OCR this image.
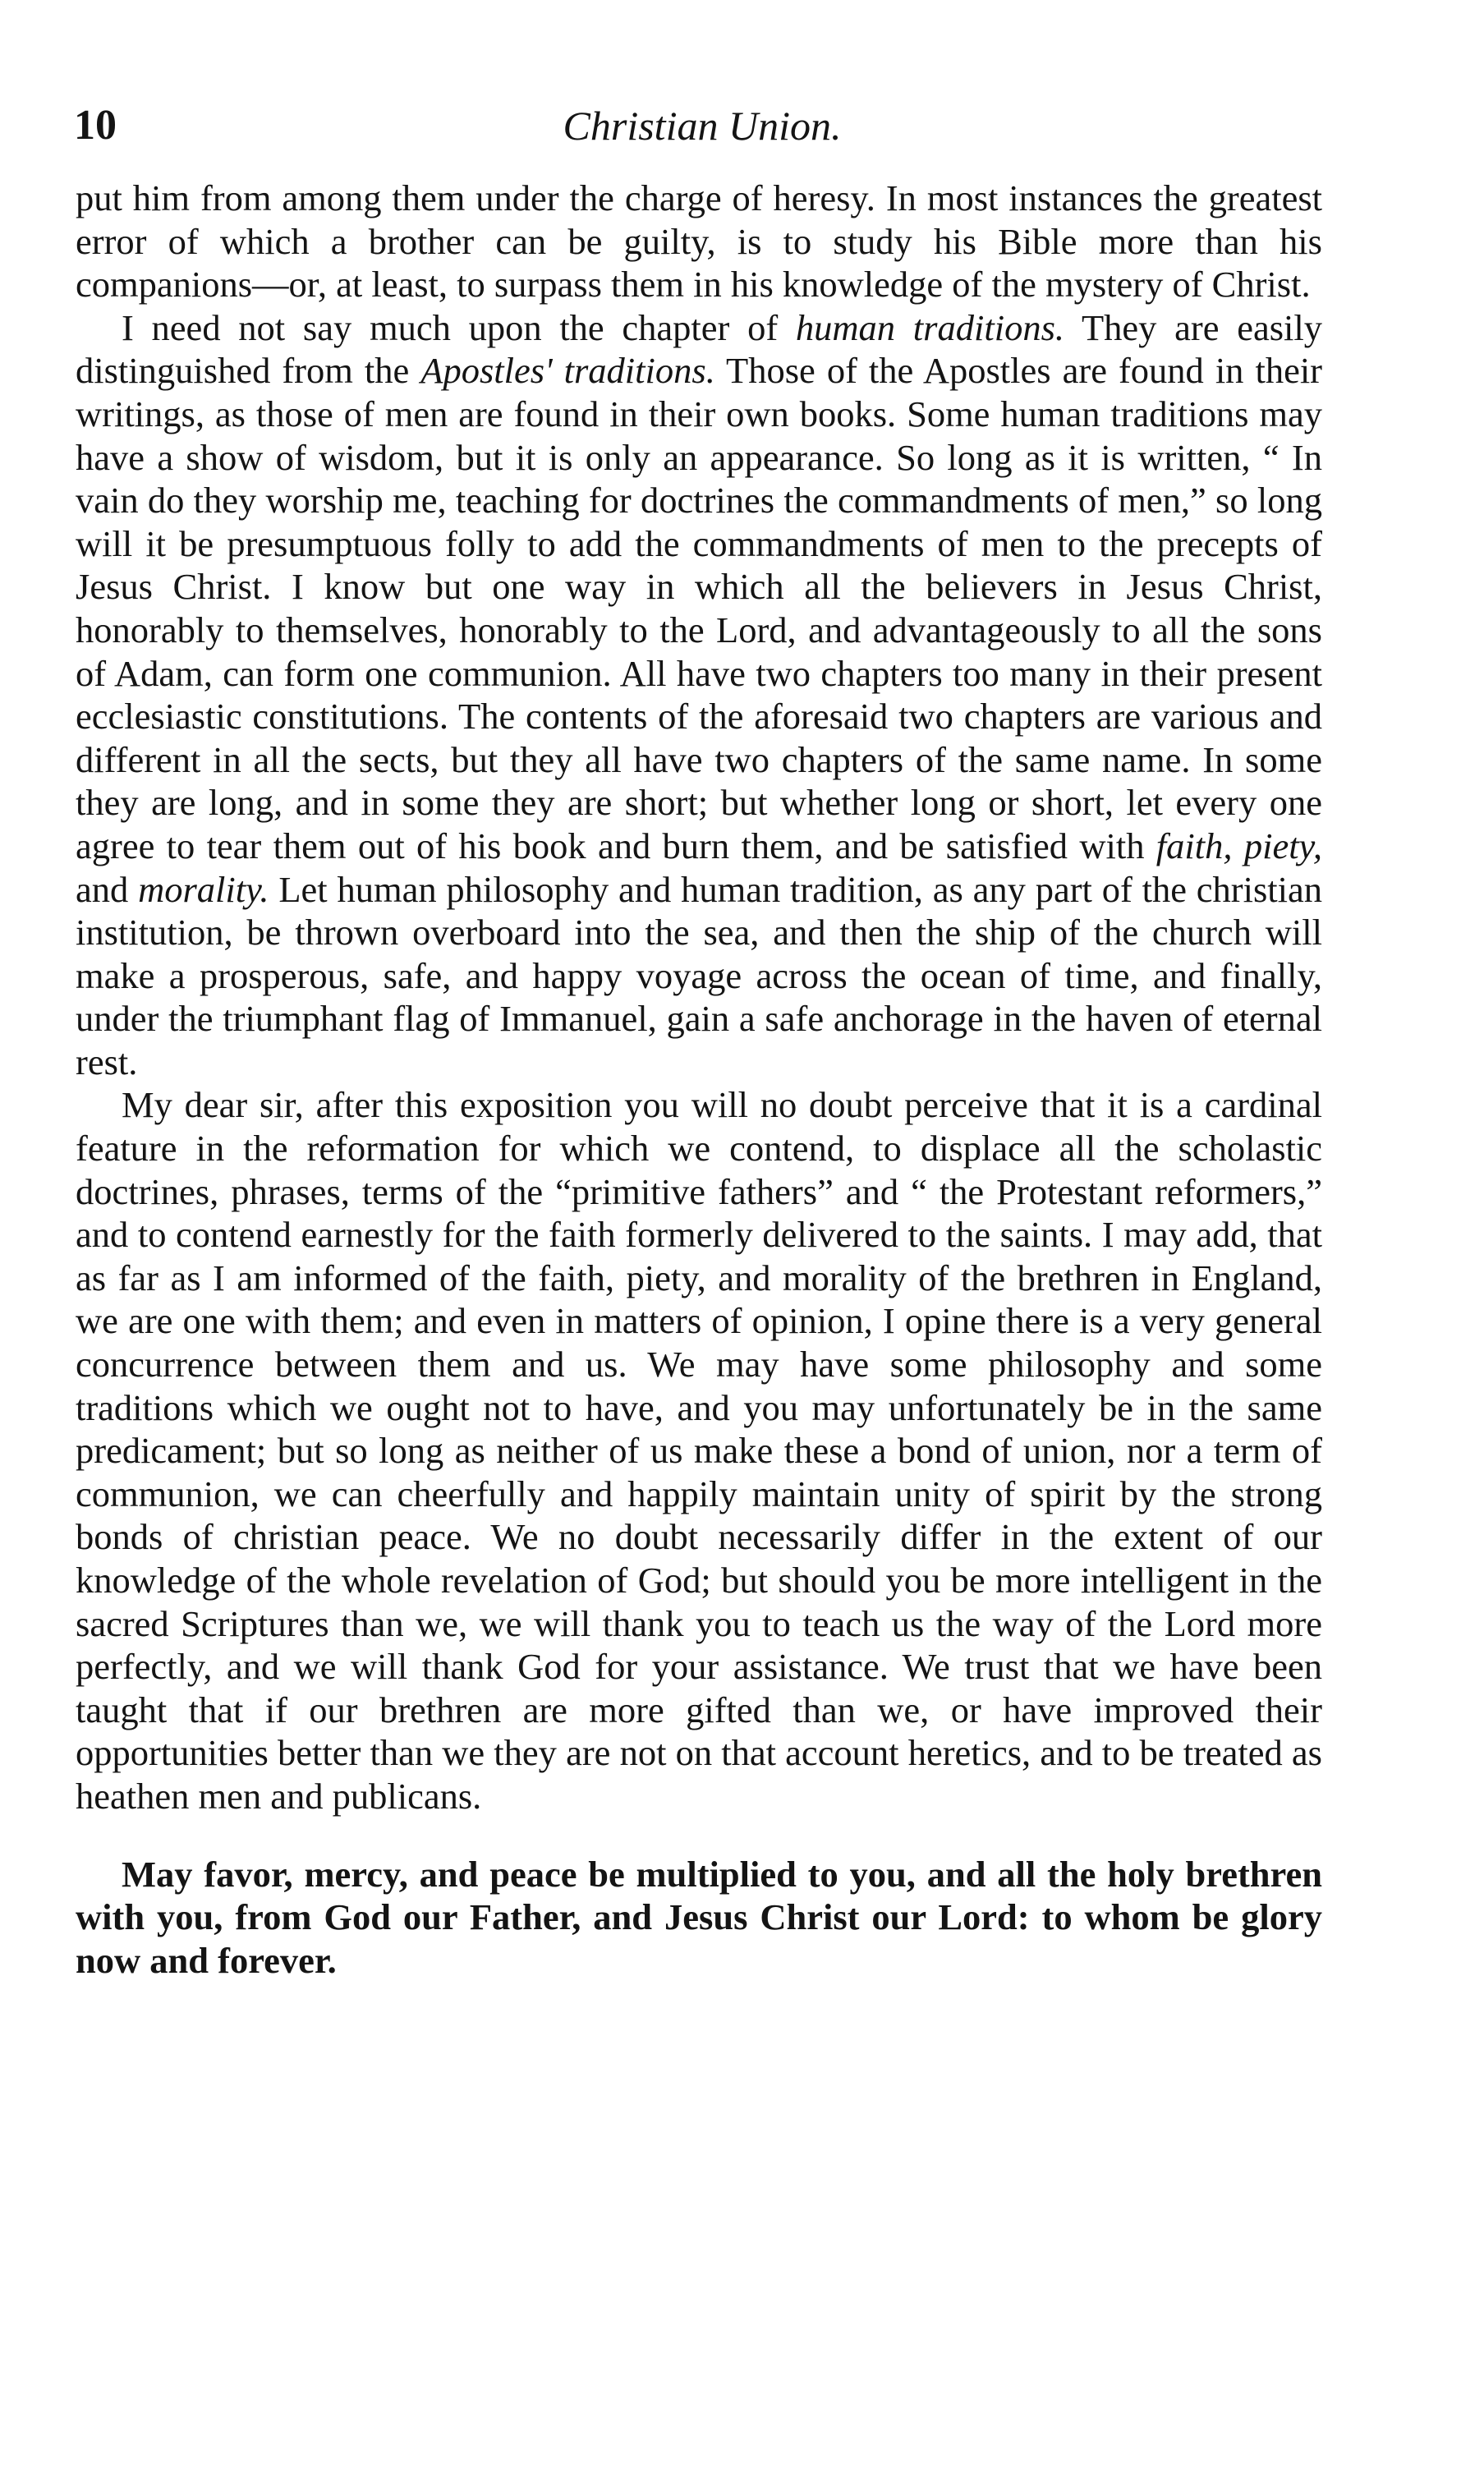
10	Christian Union.

put him from among them under the charge of heresy. In most instances the greatest error of which a brother can be guilty, is to study his Bible more than his companions—or, at least, to surpass them in his knowledge of the mystery of Christ.

I need not say much upon the chapter of human traditions. They are easily distinguished from the Apostles' traditions. Those of the Apostles are found in their writings, as those of men are found in their own books. Some human traditions may have a show of wisdom, but it is only an appearance. So long as it is written, “ In vain do they worship me, teaching for doctrines the commandments of men,” so long will it be presumptuous folly to add the commandments of men to the precepts of Jesus Christ. I know but one way in which all the believers in Jesus Christ, honorably to themselves, honorably to the Lord, and advantageously to all the sons of Adam, can form one communion. All have two chapters too many in their present ecclesiastic constitutions. The contents of the aforesaid two chapters are various and different in all the sects, but they all have two chapters of the same name. In some they are long, and in some they are short; but whether long or short, let every one agree to tear them out of his book and burn them, and be satisfied with faith, piety, and morality. Let human philosophy and human tradition, as any part of the christian institution, be thrown overboard into the sea, and then the ship of the church will make a prosperous, safe, and happy voyage across the ocean of time, and finally, under the triumphant flag of Immanuel, gain a safe anchorage in the haven of eternal rest.

My dear sir, after this exposition you will no doubt perceive that it is a cardinal feature in the reformation for which we contend, to displace all the scholastic doctrines, phrases, terms of the “primitive fathers” and “ the Protestant reformers,” and to contend earnestly for the faith formerly delivered to the saints. I may add, that as far as I am informed of the faith, piety, and morality of the brethren in England, we are one with them; and even in matters of opinion, I opine there is a very general concurrence between them and us. We may have some philosophy and some traditions which we ought not to have, and you may unfortunately be in the same predicament; but so long as neither of us make these a bond of union, nor a term of communion, we can cheerfully and happily maintain unity of spirit by the strong bonds of christian peace. We no doubt necessarily differ in the extent of our knowledge of the whole revelation of God; but should you be more intelligent in the sacred Scriptures than we, we will thank you to teach us the way of the Lord more perfectly, and we will thank God for your assistance. We trust that we have been taught that if our brethren are more gifted than we, or have improved their opportunities better than we they are not on that account heretics, and to be treated as heathen men and publicans.

May favor, mercy, and peace be multiplied to you, and all the holy brethren with you, from God our Father, and Jesus Christ our Lord: to whom be glory now and forever.
